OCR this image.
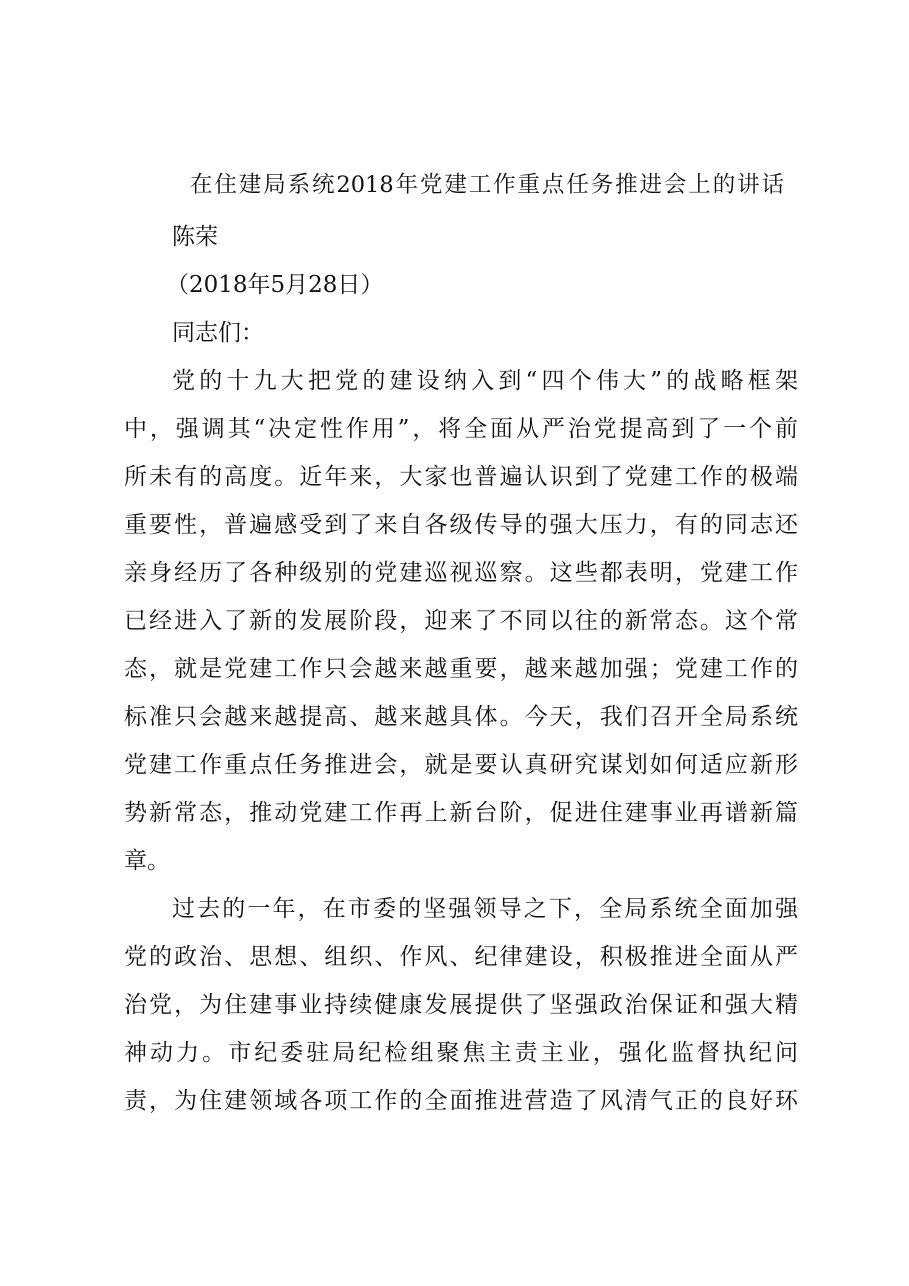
在住建局系统2018年党建工作重点任务推进会上的讲话
陈荣
（2018年5月28日）
同志们：
党的十九大把党的建设纳入到“四个伟大”的战略框架
中，强调其“决定性作用”，将全面从严治党提高到了一个前
所未有的高度。近年来，大家也普遍认识到了党建工作的极端
重要性，普遍感受到了来自各级传导的强大压力，有的同志还
亲身经历了各种级别的党建巡视巡察。这些都表明，党建工作
已经进入了新的发展阶段，迎来了不同以往的新常态。这个常
态，就是党建工作只会越来越重要，越来越加强；党建工作的
标准只会越来越提高、越来越具体。今天，我们召开全局系统
党建工作重点任务推进会，就是要认真研究谋划如何适应新形
势新常态，推动党建工作再上新台阶，促进住建事业再谱新篇
章。
过去的一年，在市委的坚强领导之下，全局系统全面加强
党的政治、思想、组织、作风、纪律建设，积极推进全面从严
治党，为住建事业持续健康发展提供了坚强政治保证和强大精
神动力。市纪委驻局纪检组聚焦主责主业，强化监督执纪问
责，为住建领域各项工作的全面推进营造了风清气正的良好环
